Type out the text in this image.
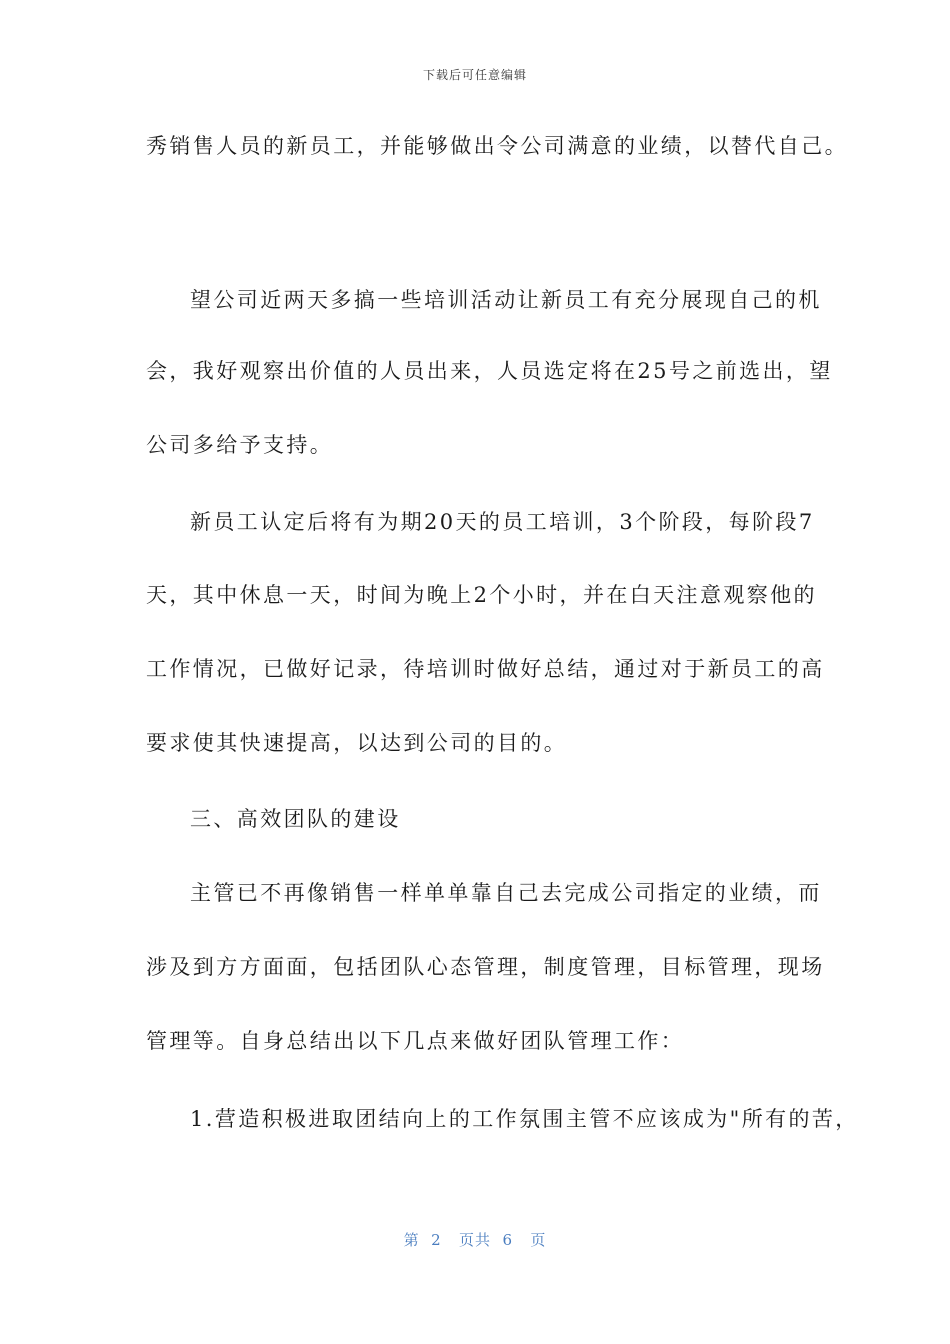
下载后可任意编辑
秀销售人员的新员工，并能够做出令公司满意的业绩，以替代自己。
望公司近两天多搞一些培训活动让新员工有充分展现自己的机
会，我好观察出价值的人员出来，人员选定将在25号之前选出，望
公司多给予支持。
新员工认定后将有为期20天的员工培训，3个阶段，每阶段7
天，其中休息一天，时间为晚上2个小时，并在白天注意观察他的
工作情况，已做好记录，待培训时做好总结，通过对于新员工的高
要求使其快速提高，以达到公司的目的。
三、高效团队的建设
主管已不再像销售一样单单靠自己去完成公司指定的业绩，而
涉及到方方面面，包括团队心态管理，制度管理，目标管理，现场
管理等。自身总结出以下几点来做好团队管理工作：
1.营造积极进取团结向上的工作氛围主管不应该成为"所有的苦，
第  2   页共  6   页
